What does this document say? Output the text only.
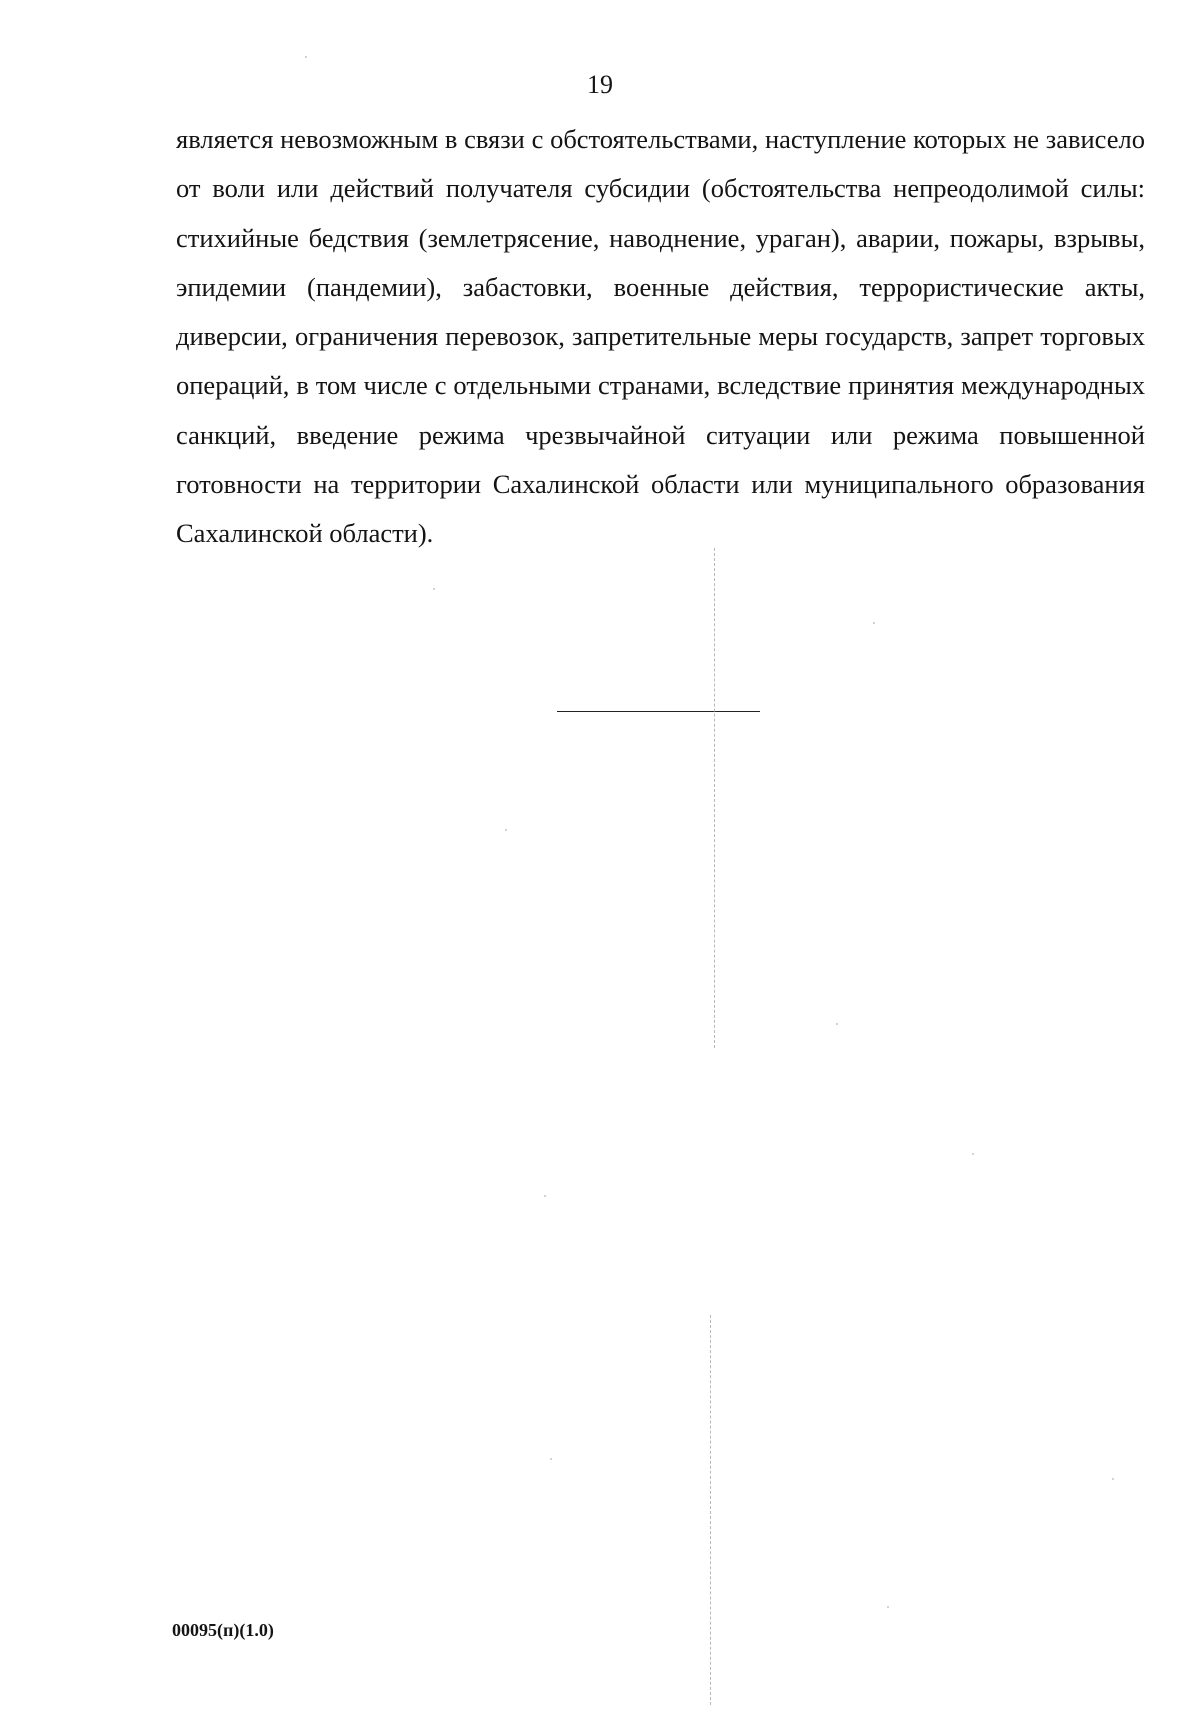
19

является невозможным в связи с обстоятельствами, наступление которых не зависело от воли или действий получателя субсидии (обстоятельства непреодолимой силы: стихийные бедствия (землетрясение, наводнение, ураган), аварии, пожары, взрывы, эпидемии (пандемии), забастовки, военные действия, террористические акты, диверсии, ограничения перевозок, запретительные меры государств, запрет торговых операций, в том числе с отдельными странами, вследствие принятия международных санкций, введение режима чрезвычайной ситуации или режима повышенной готовности на территории Сахалинской области или муниципального образования Сахалинской области).

00095(п)(1.0)
